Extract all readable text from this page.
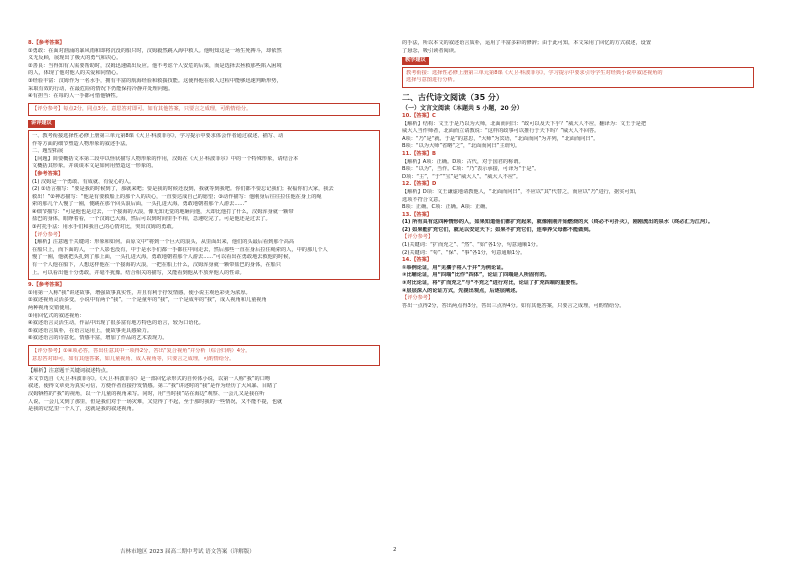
8.【参考答案】
①勇敢：在面对汹涌的暴风雨和即将沉没的船只时，汉姆毅然跳入海中救人。他明知这是一场生死搏斗，却依然
义无反顾，展现出了极大的勇气和决心。
②善良：当得知有人需要帮助时，汉姆迅速做出反应。他不考虑个人安危的后果，而是选择去拯救那些陷入困境
的人，体现了他对他人的关爱和同情心。
③经验丰富：汉姆作为一名水手，拥有丰富的航海经验和救援技能。这使得他在救人过程中能够迅速判断形势，
采取有效的行动，在最危险的情况下仍能保持冷静并处理问题。
④有担当：在每的人一手都可惜他牺牲。
【评分参考】每点2分，同点3分。意思答对即可。如有其他答案，只要言之成理，可酌情给分。
讲评建议
一、教考衔接选择性必修上册第三单元第8课《大卫·科波菲尔》，学习提示中要求体会作者通过叙述、描写、动
作等方面的细节塑造人物形象的叙述手法。
二、题型拓展
【问题】简要概括文本第二段中以怪状描写人物形象的作用，汉姆在《大卫·科波菲尔》中的一个特殊形象，请结合本
文概括其形象。并谈谈本文是如何用塑造这一形象的。
【参考答案】
(1) 汉姆是一个勇敢、有成就、有爱心的人。
(2) ①语言描写：“要是我的时候到了，那就来吧；要是我的时候还没到，我就等到我吧。你们都不要忘记我们；祝福你们大家，我去
救出！”②神态描写：“他是有要救船上的那个人的决心，一直要达成自己的愿望；③动作描写：他刚身后往往拉住他在身上的绳
索的那几个人慢了一圈，便跳在那个回头浪后面，一头扎进大海，勇敢地朝着那个人游去......”
④细节描写：“可是他也是过去，一个接海的大浪，像无知无觉的地砸向他，大却比他打了什么，汉姆浑身就一颗带
盐巴的身体，眼睁着看，一个汉姆已大海，然后可以到时间里手不相，急速吃完了。可是他还是过去了。
③衬托手法：用水手们和我自己的心情对比，突出汉姆的勇敢。
【评分参考】
【解析】注意题干关键词：形象和如何。由原文中“将到一个巨大的浪头，从里面出来，他们的头最后看到那个高高
在船只上，而下面的人，一个人影也没有，中于是水手们都一手都往中间走去，然后那些一直在身后拉住绳索的人，中的那几个人
慢了一圈，他就把头扎到了那上面，一头扎进大海，勇敢地朝着那个人游去......”可以看出在勇敢地去救他的时候，
有一个人他在船下，人想这样他在一个接海的大浪，一把在船上什么，汉姆浑身就一颗带盐巴的身体，在船只
上。可以看出他十分勇敢，并毫不犹豫。结合相关的描写，又能看到他从不放弃他人的性命。
9.【参考答案】
①用第一人称“我”讲述故事，增强故事真实性，并且有利于抒发情感，使小说主观色彩更为浓厚。
②叙述视角灵活多变，小说中有两个“我”，一个是童年的“我”，一个是成年的“我”，成人视角和儿童视角
两种视角交错使用。
③用回忆式的叙述视角：
④叙述语言灵活生动，作品中出现了很多富有地方特色的语言，较为口语化。
⑤叙述语言质朴，在语言运用上，使故事更具感染力。
⑥叙述语言的诗意化，情感丰富，增加了作品的艺术表现力。
【评分参考】①④项必答，答出任意其中一项得2分，答出“复合视角”并分析（综合归纳）4分。
意思答对即可，如有其他答案，如儿童视角、成人视角等，只要言之成理，可酌情给分。
【解析】注意题干关键词叙述特点。
本文节选自《大卫·科波菲尔》。《大卫·科波菲尔》是一部回忆录形式的自传体小说，以第一人称“我”的口吻
叙述，使得文章更为真实可信，方便作者直接抒发情感。第二“我”讲述时的“我”是作为经历了大风暴、目睹了
汉姆牺牲的“我”的视角，以一个儿童的视角来写。同时，用“当时我”站在海边”观察、一会儿又是我在听
人说，一会儿又到了那里，但是我们对于一场灾难，又觉得了不起，至于那时我的一些情况，又不能不提，也就
是我的记忆里一个人了，这就是我的叙述视角。
的手法，所以本文的叙述语言质朴，运用了丰富多彩的修辞；由于此可知，本文采用了回忆的方式叙述，设置
了悬念，吸引读者阅读。
教学建议
教考衔接：选择性必修上册第三单元第8课《大卫·科波菲尔》，学习提示中要求引导学生对经典小说中叙述视角的
选择与意图进行分析。
二、古代诗文阅读（35 分）
（一）文言文阅读（本题共 5 小题，20 分）
10.【答案】C
【解析】结构：文王于是乃以为大师，北面而问曰：“政可以及天下乎？”威大人不应，翻译为：文王于是把
威大人当作师者，北面而立请教说：“这样的政事可以推行于天下吗？”威大人不回答。
A项：“乃”是“就、于是”的意思，“大师”为宾语，“北面而问”为并列，“北面而问曰”。
B项：“以为大师”省略“之”，“北面而问曰”主谓句。
11.【答案】B
【解析】A项：正确。D项：古代，对于国君的称谓。
B项：“以为”，当作。C项：“乃”表示承接，可译为“于是”。
D项：“主”，“于”“宝”是“威大人”。“威大人不应”。
12.【答案】D
【解析】D项：文王谦虚地请教他人，“北面而问曰”，不应以“其”代替之，而应以“乃”进行，据实可知，
选项不符合文意。
B项：正确。C项：正确。A项：正确。
13.【答案】
(1) 所有具有这四种情形的人，如果知道他们都扩充起来，就像刚刚开始燃烧的火（终必不可扑灭），刚刚流出的泉水（终必汇为江河）。
(2) 如果能扩充它们，就足以安定天下；如果不扩充它们，连奉养父母都不能做到。
【评分参考】
(1)关键词：“扩而充之”、“然”、“始”各1分，句意通顺1分。
(2)关键词：“苟”、“保”、“事”各1分，句意通顺1分。
14.【答案】
①举例论证，用“见孺子将入于井”为例论证。
②比喻论证，用“四端”比作“四体”，论证了四端是人所固有的。
③对比论证，将“扩而充之”与“不充之”进行对比，论证了扩充四端的重要性。
④层层深入的论证方式，先提出观点，后逐层阐述。
【评分参考】
答出一点得2分，答出两点得3分，答出三点得4分。如有其他答案，只要言之成理，可酌情给分。
吉林市地区 2023 届高二期中考试 语文答案（详解版）	2
